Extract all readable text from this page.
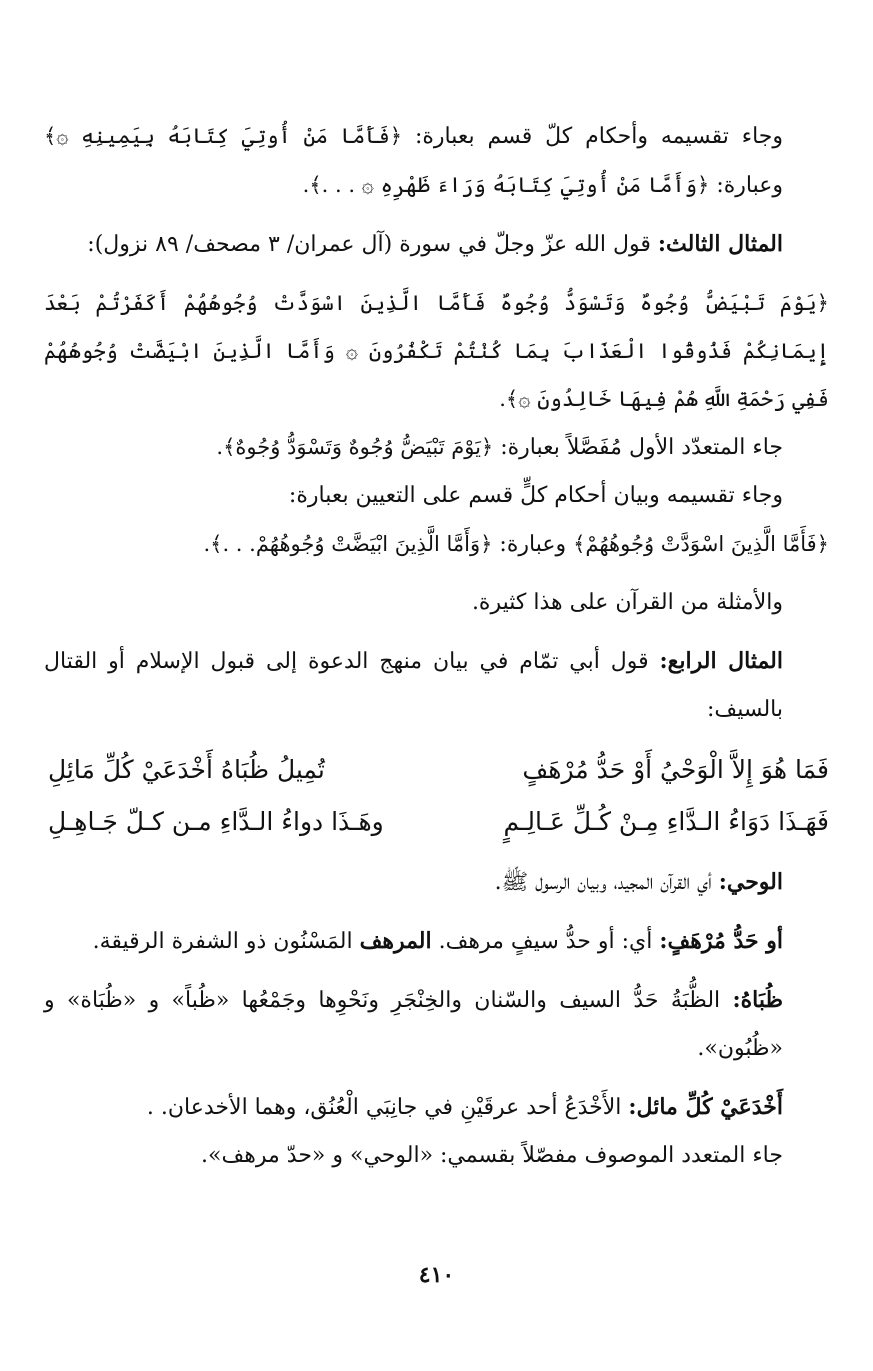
وجاء تقسيمه وأحكام كلّ قسم بعبارة: ﴿فَأَمَّا مَنْ أُوتِيَ كِتَابَهُ بِيَمِينِهِ ۞﴾ وعبارة: ﴿وَأَمَّا مَنْ أُوتِيَ كِتَابَهُ وَرَاءَ ظَهْرِهِ ۞ . . .﴾.

المثال الثالث: قول الله عزّ وجلّ في سورة (آل عمران/ ٣ مصحف/ ٨٩ نزول):

﴿يَوْمَ تَبْيَضُّ وُجُوهٌ وَتَسْوَدُّ وُجُوهٌ فَأَمَّا الَّذِينَ اسْوَدَّتْ وُجُوهُهُمْ أَكَفَرْتُمْ بَعْدَ إِيمَانِكُمْ فَذُوقُوا الْعَذَابَ بِمَا كُنْتُمْ تَكْفُرُونَ ۞ وَأَمَّا الَّذِينَ ابْيَضَّتْ وُجُوهُهُمْ فَفِي رَحْمَةِ اللَّهِ هُمْ فِيهَا خَالِدُونَ ۞﴾.

جاء المتعدّد الأول مُفَصَّلاً بعبارة: ﴿يَوْمَ تَبْيَضُّ وُجُوهٌ وَتَسْوَدُّ وُجُوهٌ﴾.

وجاء تقسيمه وبيان أحكام كلٍّ قسم على التعيين بعبارة:

﴿فَأَمَّا الَّذِينَ اسْوَدَّتْ وُجُوهُهُمْ﴾ وعبارة: ﴿وَأَمَّا الَّذِينَ ابْيَضَّتْ وُجُوهُهُمْ. . .﴾.

والأمثلة من القرآن على هذا كثيرة.

المثال الرابع: قول أبي تمّام في بيان منهج الدعوة إلى قبول الإسلام أو القتال بالسيف:

فَمَا هُوَ إِلاَّ الْوَحْيُ أَوْ حَدُّ مُرْهَفٍ
تُمِيلُ ظُبَاهُ أَخْدَعَيْ كُلِّ مَائِلِ
فَهَـذَا دَوَاءُ الـدَّاءِ مِـنْ كُـلِّ عَـالِـمٍ
وهَـذَا دواءُ الـدَّاءِ مـن كـلّ جَـاهِـلِ

الوحي: أي القرآن المجيد، وبيان الرسول ﷺ.

أو حَدُّ مُرْهَفٍ: أي: أو حدُّ سيفٍ مرهف. المرهف المَسْنُون ذو الشفرة الرقيقة.

ظُبَاهُ: الظُّبَةُ حَدُّ السيف والسّنان والخِنْجَرِ ونَحْوِها وجَمْعُها «ظُباً» و «ظُبَاة» و «ظُبُون».

أَخْدَعَيْ كُلِّ مائل: الأَخْدَعُ أحد عرقَيْنِ في جانِبَي الْعُنُق، وهما الأخدعان. .

جاء المتعدد الموصوف مفصّلاً بقسمي: «الوحي» و «حدّ مرهف».

٤١٠
